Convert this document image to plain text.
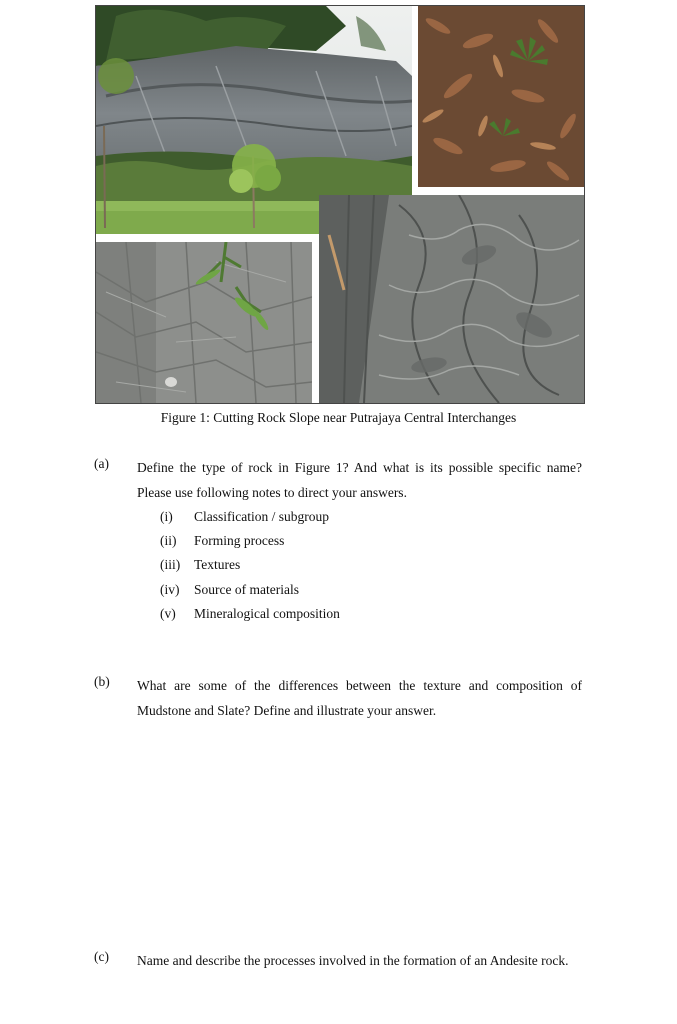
Figure 1: Cutting Rock Slope near Putrajaya Central Interchanges
(a) Define the type of rock in Figure 1? And what is its possible specific name?
Please use following notes to direct your answers.
(i)	Classification / subgroup
(ii)	Forming process
(iii)	Textures
(iv)	Source of materials
(v)	Mineralogical composition
(b) What are some of the differences between the texture and composition of
Mudstone and Slate? Define and illustrate your answer.
(c) Name and describe the processes involved in the formation of an Andesite rock.
